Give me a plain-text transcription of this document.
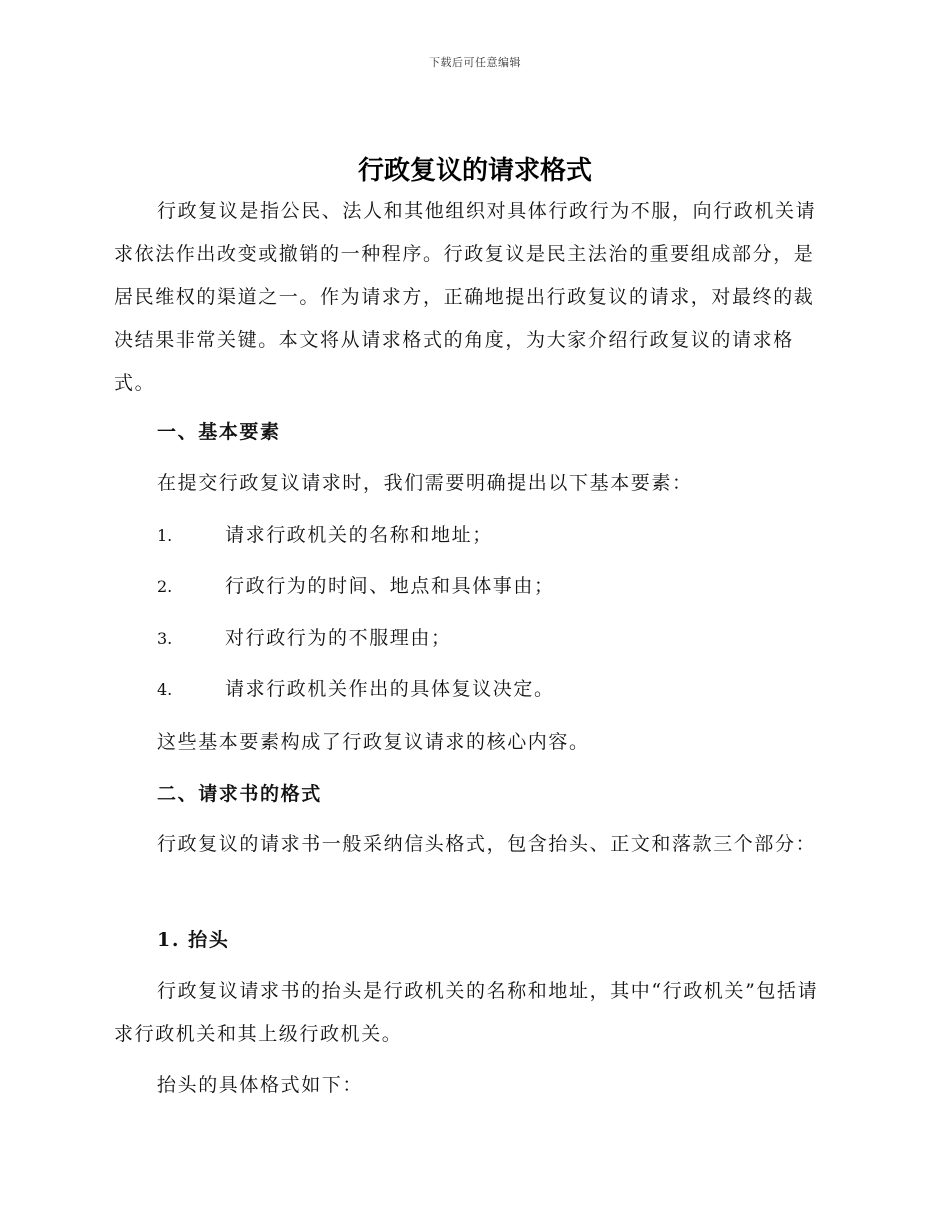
下载后可任意编辑
行政复议的请求格式

行政复议是指公民、法人和其他组织对具体行政行为不服，向行政机关请求依法作出改变或撤销的一种程序。行政复议是民主法治的重要组成部分，是居民维权的渠道之一。作为请求方，正确地提出行政复议的请求，对最终的裁决结果非常关键。本文将从请求格式的角度，为大家介绍行政复议的请求格式。

一、基本要素

在提交行政复议请求时，我们需要明确提出以下基本要素：

1.	请求行政机关的名称和地址；
2.	行政行为的时间、地点和具体事由；
3.	对行政行为的不服理由；
4.	请求行政机关作出的具体复议决定。

这些基本要素构成了行政复议请求的核心内容。

二、请求书的格式

行政复议的请求书一般采纳信头格式，包含抬头、正文和落款三个部分：

1. 抬头

行政复议请求书的抬头是行政机关的名称和地址，其中“行政机关”包括请求行政机关和其上级行政机关。

抬头的具体格式如下：
